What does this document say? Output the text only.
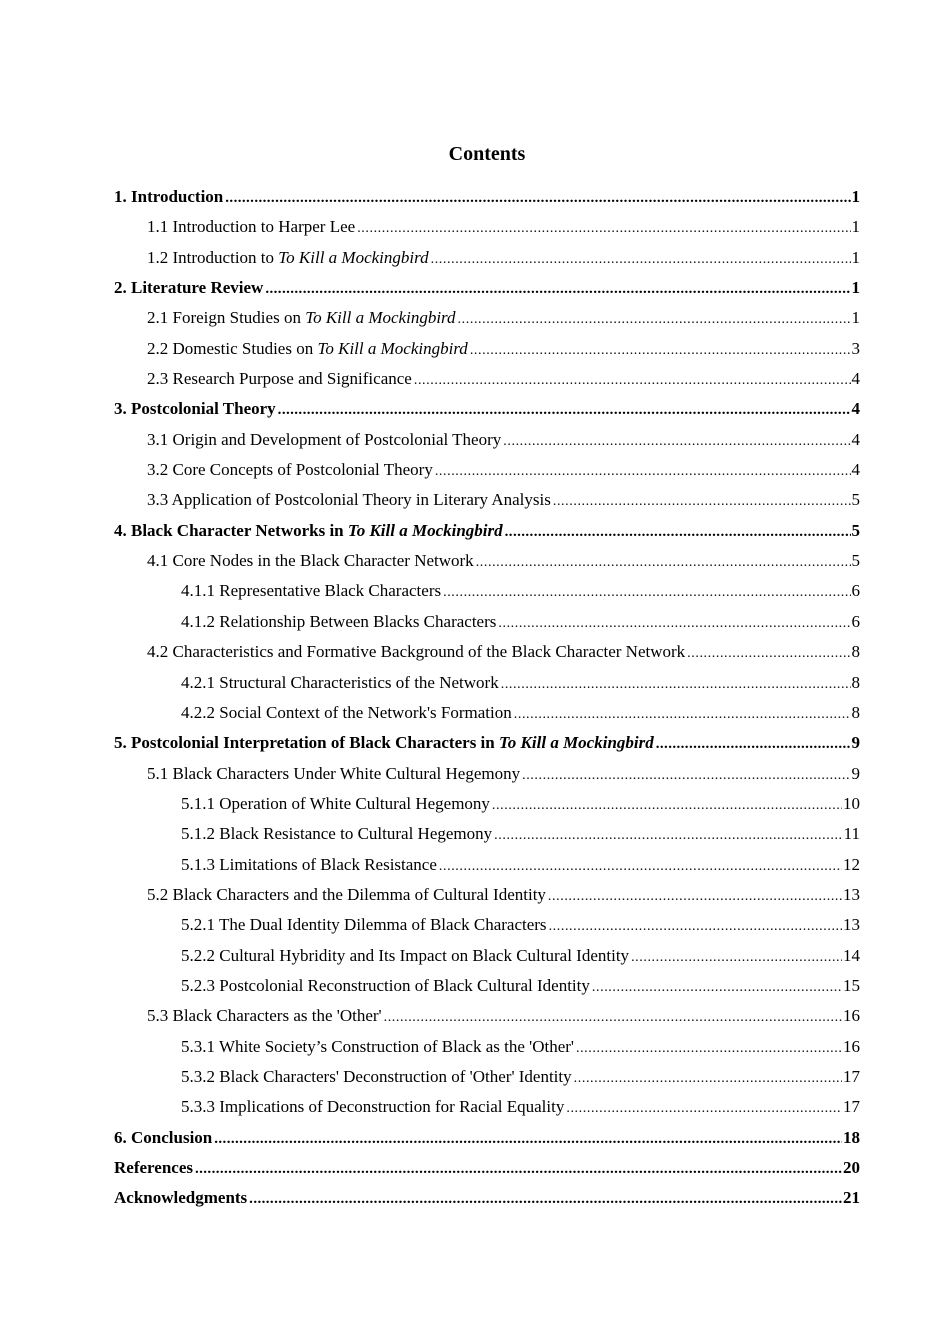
Contents
1. Introduction .....	1
1.1 Introduction to Harper Lee .....	1
1.2 Introduction to To Kill a Mockingbird .....	1
2. Literature Review .....	1
2.1 Foreign Studies on To Kill a Mockingbird .....	1
2.2 Domestic Studies on To Kill a Mockingbird .....	3
2.3 Research Purpose and Significance .....	4
3. Postcolonial Theory .....	4
3.1 Origin and Development of Postcolonial Theory .....	4
3.2 Core Concepts of Postcolonial Theory .....	4
3.3 Application of Postcolonial Theory in Literary Analysis .....	5
4. Black Character Networks in To Kill a Mockingbird .....	5
4.1 Core Nodes in the Black Character Network .....	5
4.1.1 Representative Black Characters .....	6
4.1.2 Relationship Between Blacks Characters .....	6
4.2 Characteristics and Formative Background of the Black Character Network .....	8
4.2.1 Structural Characteristics of the Network .....	8
4.2.2 Social Context of the Network's Formation .....	8
5. Postcolonial Interpretation of Black Characters in To Kill a Mockingbird .....	9
5.1 Black Characters Under White Cultural Hegemony .....	9
5.1.1 Operation of White Cultural Hegemony .....	10
5.1.2 Black Resistance to Cultural Hegemony .....	11
5.1.3 Limitations of Black Resistance .....	12
5.2 Black Characters and the Dilemma of Cultural Identity .....	13
5.2.1 The Dual Identity Dilemma of Black Characters .....	13
5.2.2 Cultural Hybridity and Its Impact on Black Cultural Identity .....	14
5.2.3 Postcolonial Reconstruction of Black Cultural Identity .....	15
5.3 Black Characters as the 'Other' .....	16
5.3.1 White Society’s Construction of Black as the 'Other' .....	16
5.3.2 Black Characters' Deconstruction of 'Other' Identity .....	17
5.3.3 Implications of Deconstruction for Racial Equality .....	17
6. Conclusion .....	18
References .....	20
Acknowledgments .....	21
